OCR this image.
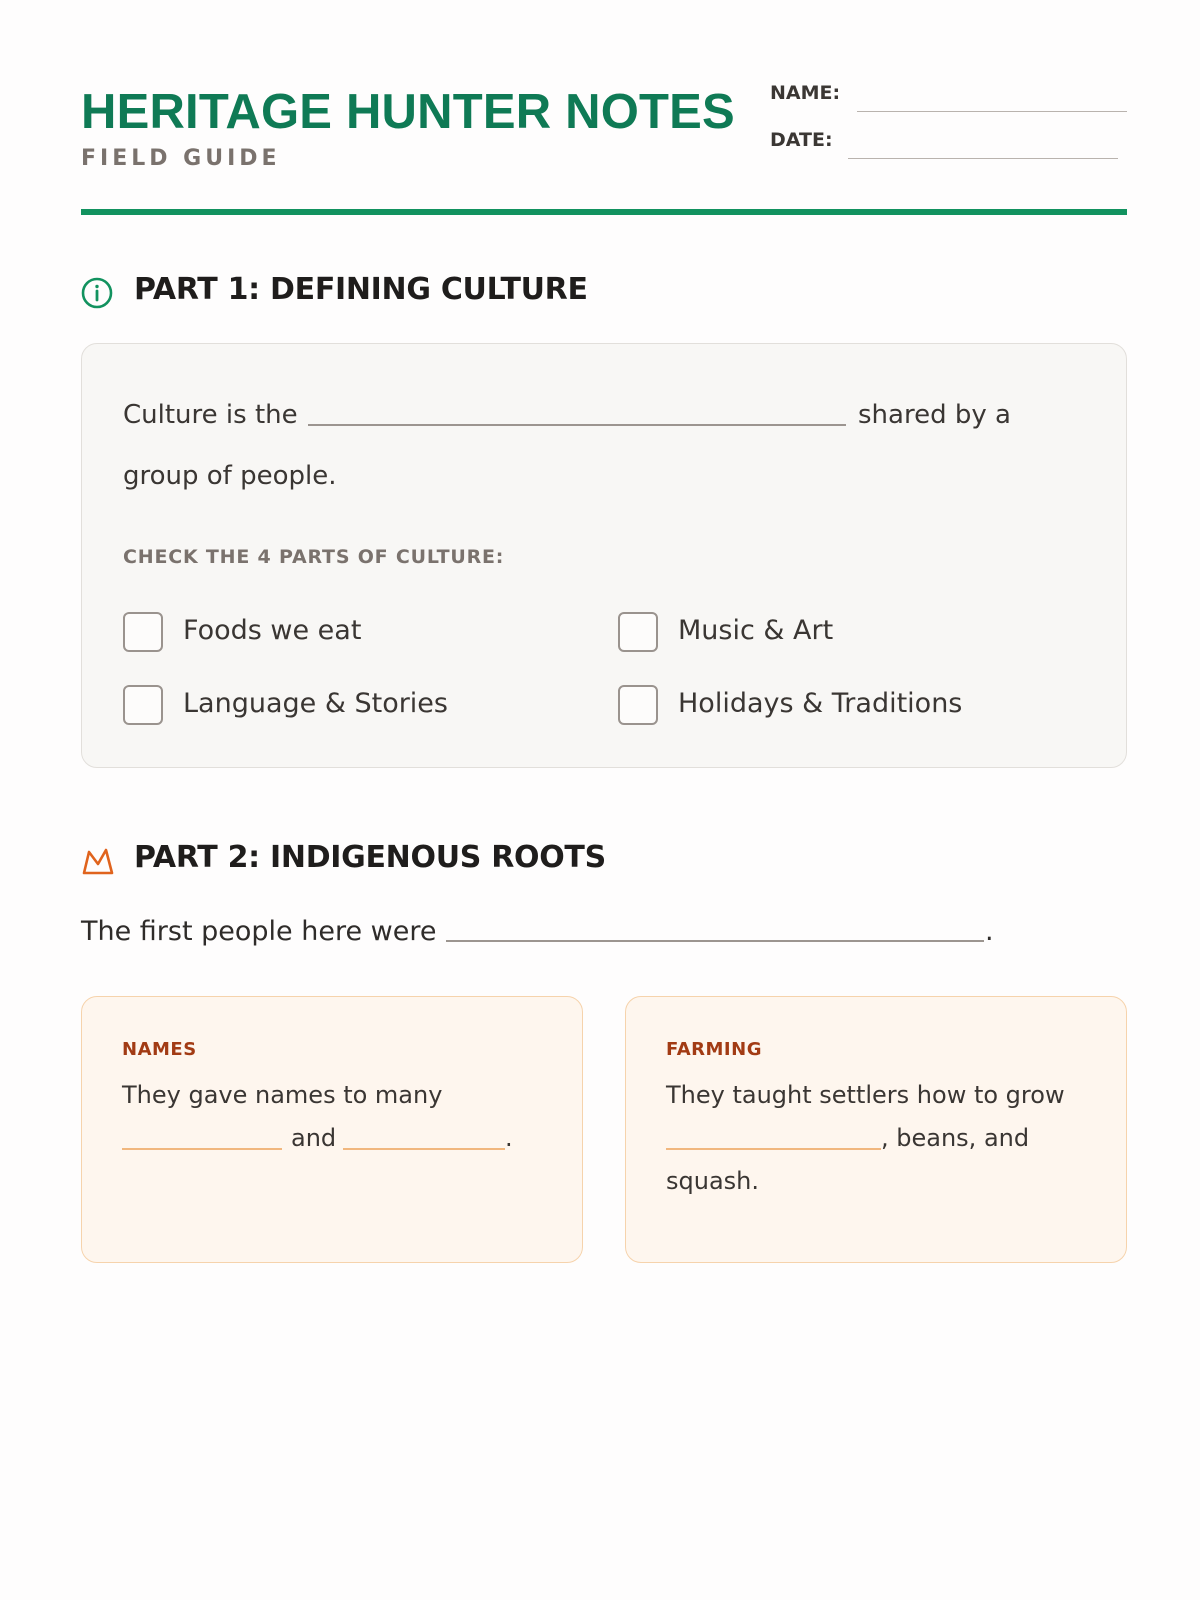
HERITAGE HUNTER NOTES
FIELD GUIDE
NAME:
DATE:
PART 1: DEFINING CULTURE
Culture is the	shared by a
group of people.
CHECK THE 4 PARTS OF CULTURE:
Foods we eat	Music & Art
Language & Stories	Holidays & Traditions
PART 2: INDIGENOUS ROOTS
The first people here were	.
NAMES
They gave names to many
and	.
FARMING
They taught settlers how to grow
, beans, and
squash.
